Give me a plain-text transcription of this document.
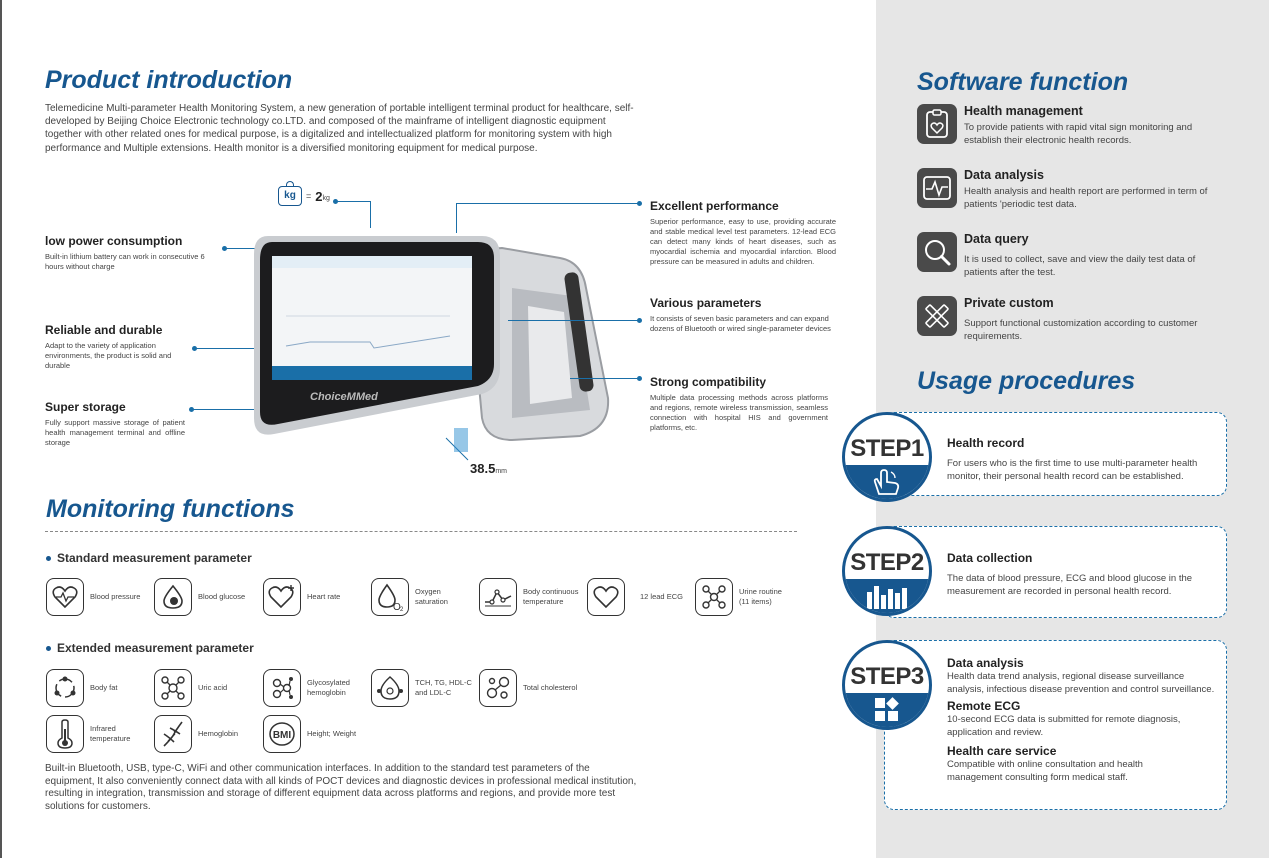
Product introduction

Telemedicine Multi-parameter Health Monitoring System, a new generation of portable intelligent terminal product for healthcare, self-developed by Beijing Choice Electronic technology co.LTD. and composed of the mainframe of intelligent diagnostic equipment together with other related ones for medical purpose, is a digitalized and intellectualized platform for monitoring system with high performance and Multiple extensions. Health monitor is a diversified monitoring equipment for medical purpose.

kg	= 2 kg
low power consumption

Built-in lithium battery can work in consecutive 6 hours without charge

Reliable and durable

Adapt to the variety of application environments, the product is solid and durable

Super storage

Fully support massive storage of patient health management terminal and offline storage

ChoiceMMed
38.5mm
Excellent performance

Superior performance, easy to use, providing accurate and stable medical level test parameters. 12-lead ECG can detect many kinds of heart diseases, such as myocardial ischemia and myocardial infarction. Blood pressure can be measured in adults and children.

Various parameters

It consists of seven basic parameters and can expand dozens of Bluetooth or wired single-parameter devices

Strong compatibility

Multiple data processing methods across platforms and regions, remote wireless transmission, seamless connection with hospital HIS and government platforms, etc.

Monitoring functions
Standard measurement parameter
Blood pressure	Blood glucose	Heart rate
O 2
Oxygen saturation
Body continuous temperature
12 lead ECG
Urine routine (11 items)
Extended measurement parameter
Body fat	Uric acid
Glycosylated hemoglobin
TCH, TG, HDL-C and LDL-C
Total cholesterol
Infrared temperature
Hemoglobin	BMI Height; Weight

Built-in Bluetooth, USB, type-C, WiFi and other communication interfaces. In addition to the standard test parameters of the equipment, It also conveniently connect data with all kinds of POCT devices and diagnostic devices in professional medical institution, resulting in integration, transmission and storage of different equipment data across platforms and regions, and provide more test solutions for customers.

Software function
Health management

To provide patients with rapid vital sign monitoring and establish their electronic health records.

Data analysis

Health analysis and health report are performed in term of patients 'periodic test data.

Data query

It is used to collect, save and view the daily test data of patients after the test.

Private custom

Support functional customization according to customer requirements.

Usage procedures
Health record

For users who is the first time to use multi-parameter health monitor, their personal health record can be established.

STEP1
Data collection

The data of blood pressure, ECG and blood glucose in the measurement are recorded in personal health record.

STEP2
Data analysis

Health data trend analysis, regional disease surveillance analysis, infectious disease prevention and control surveillance.

Remote ECG

10-second ECG data is submitted for remote diagnosis, application and review.

Health care service

Compatible with online consultation and health management consulting form medical staff.

STEP3
